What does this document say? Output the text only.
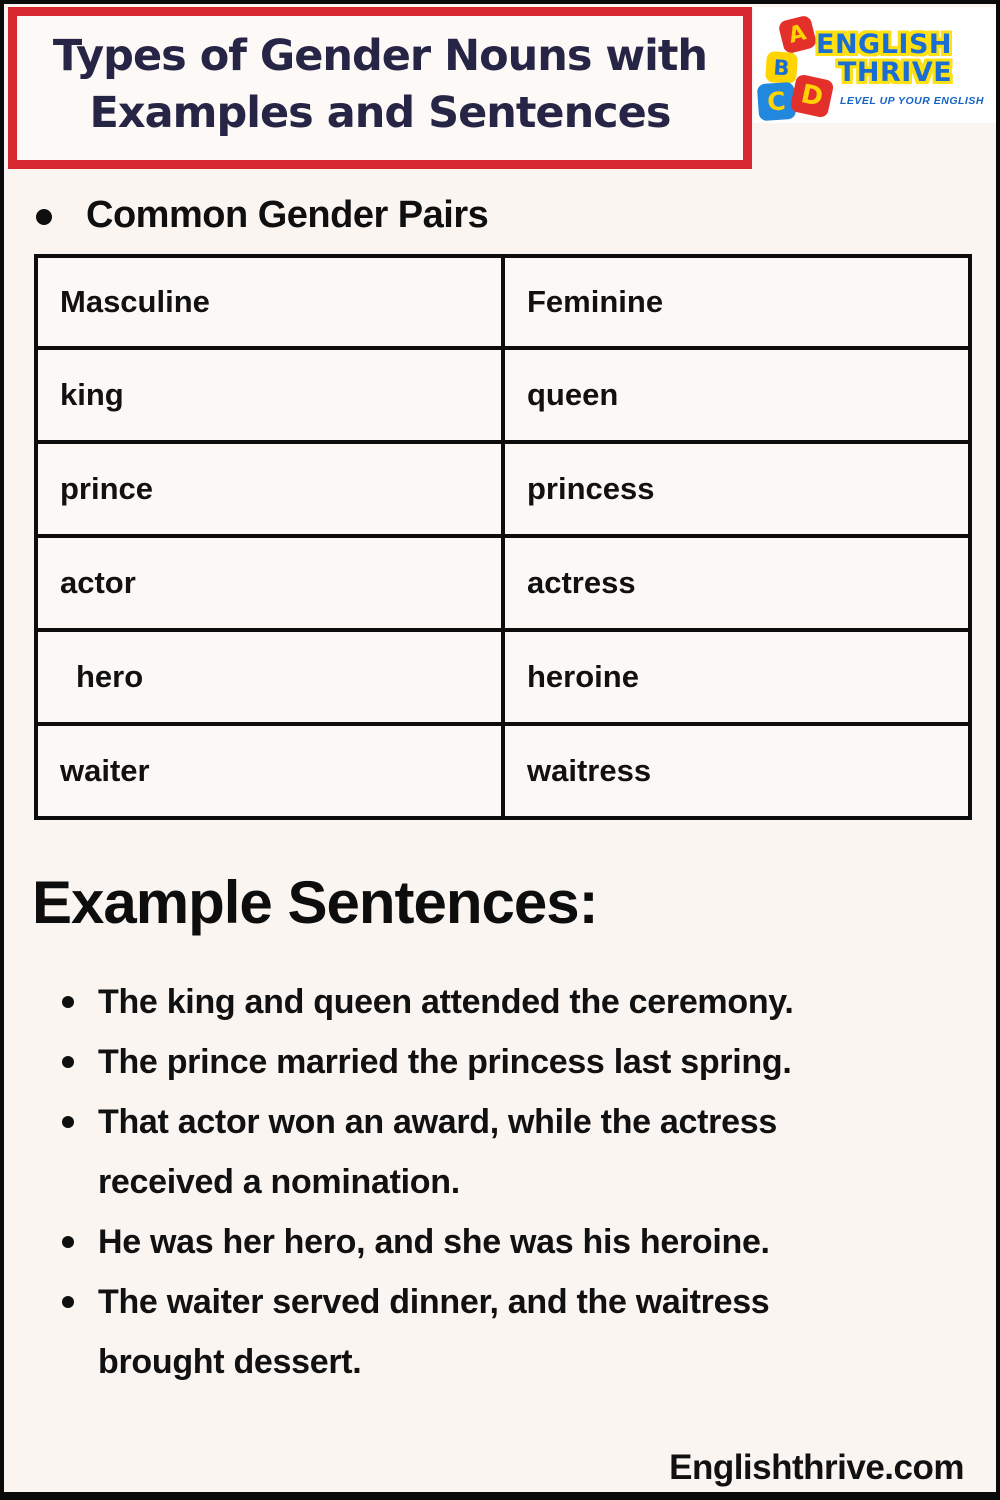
Types of Gender Nouns with
Examples and Sentences
A
B
C D
ENGLISH
THRIVE
LEVEL UP YOUR ENGLISH
Common Gender Pairs
Masculine	Feminine
king	queen
prince	princess
actor	actress
hero	heroine
waiter	waitress
Example Sentences:
The king and queen attended the ceremony.
The prince married the princess last spring.
That actor won an award, while the actress
received a nomination.
He was her hero, and she was his heroine.
The waiter served dinner, and the waitress
brought dessert.
Englishthrive.com
